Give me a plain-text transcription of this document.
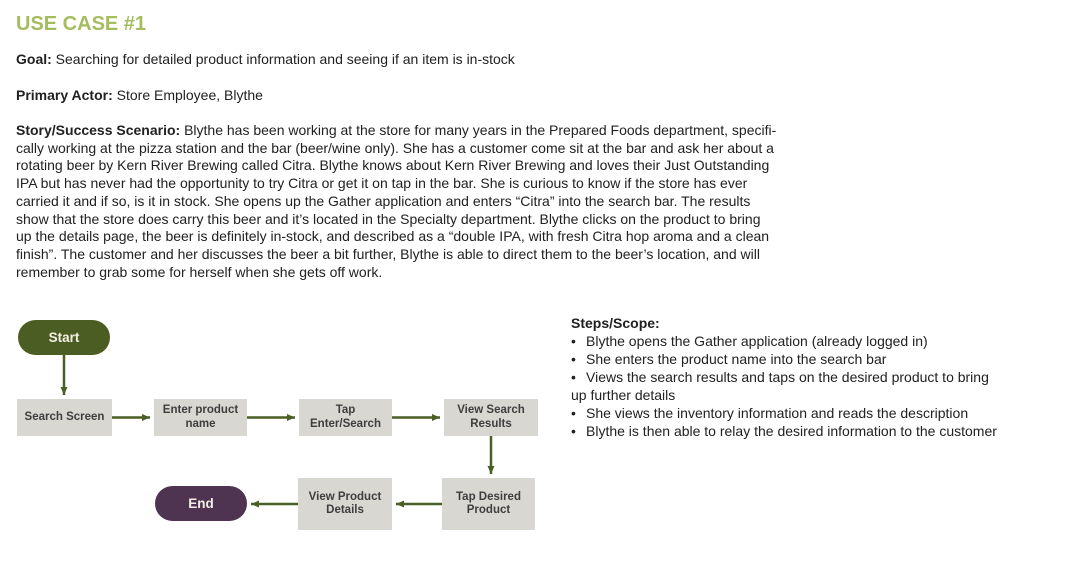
USE CASE #1

Goal: Searching for detailed product information and seeing if an item is in-stock

Primary Actor: Store Employee, Blythe

Story/Success Scenario: Blythe has been working at the store for many years in the Prepared Foods department, specifi-
cally working at the pizza station and the bar (beer/wine only). She has a customer come sit at the bar and ask her about a
rotating beer by Kern River Brewing called Citra. Blythe knows about Kern River Brewing and loves their Just Outstanding
IPA but has never had the opportunity to try Citra or get it on tap in the bar. She is curious to know if the store has ever
carried it and if so, is it in stock. She opens up the Gather application and enters “Citra” into the search bar. The results
show that the store does carry this beer and it’s located in the Specialty department. Blythe clicks on the product to bring
up the details page, the beer is definitely in-stock, and described as a “double IPA, with fresh Citra hop aroma and a clean
finish”. The customer and her discusses the beer a bit further, Blythe is able to direct them to the beer’s location, and will
remember to grab some for herself when she gets off work.
Steps/Scope:
• Blythe opens the Gather application (already logged in)
• She enters the product name into the search bar
• Views the search results and taps on the desired product to bring
up further details
• She views the inventory information and reads the description
• Blythe is then able to relay the desired information to the customer
Start
Search Screen
Enter product name
Tap Enter/Search
View Search Results
Tap Desired Product
View Product Details
End
